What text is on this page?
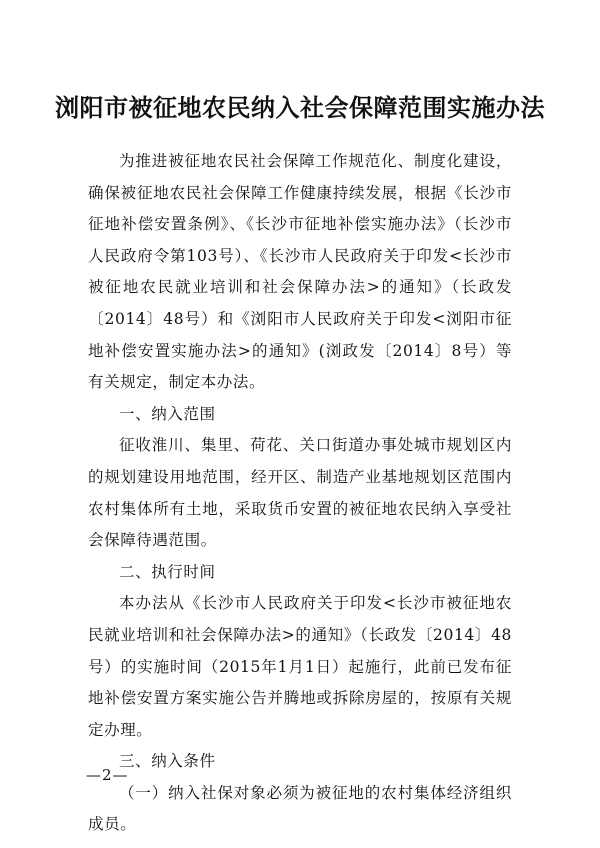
浏阳市被征地农民纳入社会保障范围实施办法

为推进被征地农民社会保障工作规范化、制度化建设，确保被征地农民社会保障工作健康持续发展，根据《长沙市征地补偿安置条例》、《长沙市征地补偿实施办法》（长沙市人民政府令第103号）、《长沙市人民政府关于印发<长沙市被征地农民就业培训和社会保障办法>的通知》（长政发〔2014〕48号）和《浏阳市人民政府关于印发<浏阳市征地补偿安置实施办法>的通知》(浏政发〔2014〕8号）等有关规定，制定本办法。

一、纳入范围

征收淮川、集里、荷花、关口街道办事处城市规划区内的规划建设用地范围，经开区、制造产业基地规划区范围内农村集体所有土地，采取货币安置的被征地农民纳入享受社会保障待遇范围。

二、执行时间

本办法从《长沙市人民政府关于印发<长沙市被征地农民就业培训和社会保障办法>的通知》（长政发〔2014〕48号）的实施时间（2015年1月1日）起施行，此前已发布征地补偿安置方案实施公告并腾地或拆除房屋的，按原有关规定办理。

三、纳入条件

（一）纳入社保对象必须为被征地的农村集体经济组织成员。

—2—
